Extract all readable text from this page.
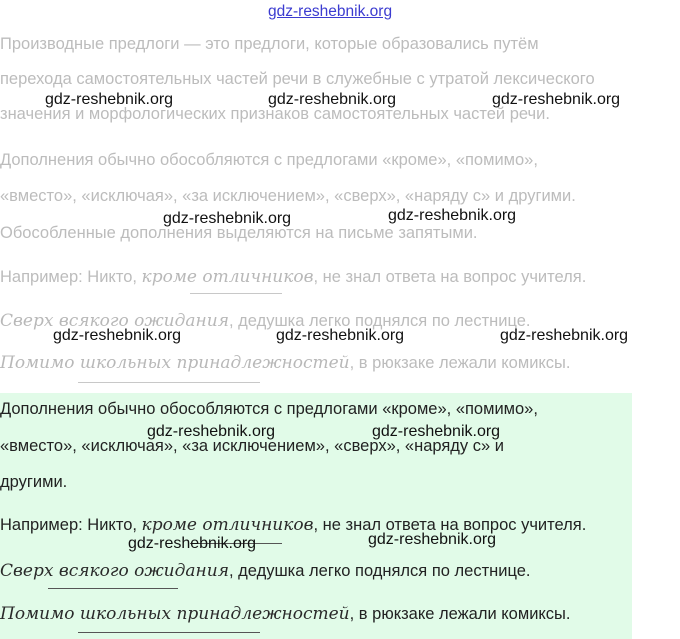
gdz-reshebnik.org
Производные предлоги — это предлоги, которые образовались путём
перехода самостоятельных частей речи в служебные с утратой лексического
значения и морфологических признаков самостоятельных частей речи.
Дополнения обычно обособляются с предлогами «кроме», «помимо»,
«вместо», «исключая», «за исключением», «сверх», «наряду с» и другими.
Обособленные дополнения выделяются на письме запятыми.
Например: Никто, кроме отличников, не знал ответа на вопрос учителя.
Сверх всякого ожидания, дедушка легко поднялся по лестнице.
Помимо школьных принадлежностей, в рюкзаке лежали комиксы.
Дополнения обычно обособляются с предлогами «кроме», «помимо»,
«вместо», «исключая», «за исключением», «сверх», «наряду с» и
другими.
Например: Никто, кроме отличников, не знал ответа на вопрос учителя.
Сверх всякого ожидания, дедушка легко поднялся по лестнице.
Помимо школьных принадлежностей, в рюкзаке лежали комиксы.
gdz-reshebnik.org	gdz-reshebnik.org	gdz-reshebnik.org
gdz-reshebnik.org	gdz-reshebnik.org
gdz-reshebnik.org	gdz-reshebnik.org	gdz-reshebnik.org
gdz-reshebnik.org	gdz-reshebnik.org
gdz-reshebnik.org	gdz-reshebnik.org
